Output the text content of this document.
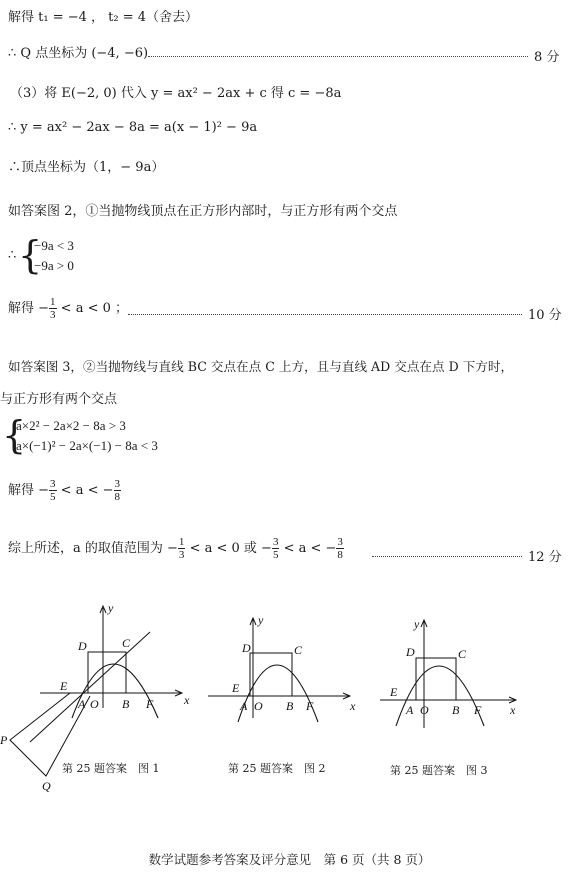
解得 t₁ = −4 ， t₂ = 4（舍去）
∴ Q 点坐标为 (−4, −6)	8 分
（3）将 E(−2, 0) 代入 y = ax² − 2ax + c 得 c = −8a
∴ y = ax² − 2ax − 8a = a(x − 1)² − 9a
∴顶点坐标为（1，− 9a）
如答案图 2，①当抛物线顶点在正方形内部时，与正方形有两个交点
∴ {
−9a < 3
−9a > 0
解得 − $\frac{1}{3} < a < 0$ ；	10 分
如答案图 3，②当抛物线与直线 BC 交点在点 C 上方，且与直线 AD 交点在点 D 下方时，
与正方形有两个交点
{
a×2² − 2a×2 − 8a > 3
a×(−1)² − 2a×(−1) − 8a < 3
解得 − $\frac{3}{5} < a$ < − $\frac{3}{8}$
综上所述，a 的取值范围为 − $\frac{1}{3} < a < 0$ 或 − $\frac{3}{5} < a$ < − $\frac{3}{8}$	12 分
y
x
D	C
E
A O B F
P
Q
第 25 题答案　图 1
y
x
D	C
E
A O B F
第 25 题答案　图 2
y
x
D	C
E
A O B F
第 25 题答案　图 3
数学试题参考答案及评分意见　第 6 页（共 8 页）
